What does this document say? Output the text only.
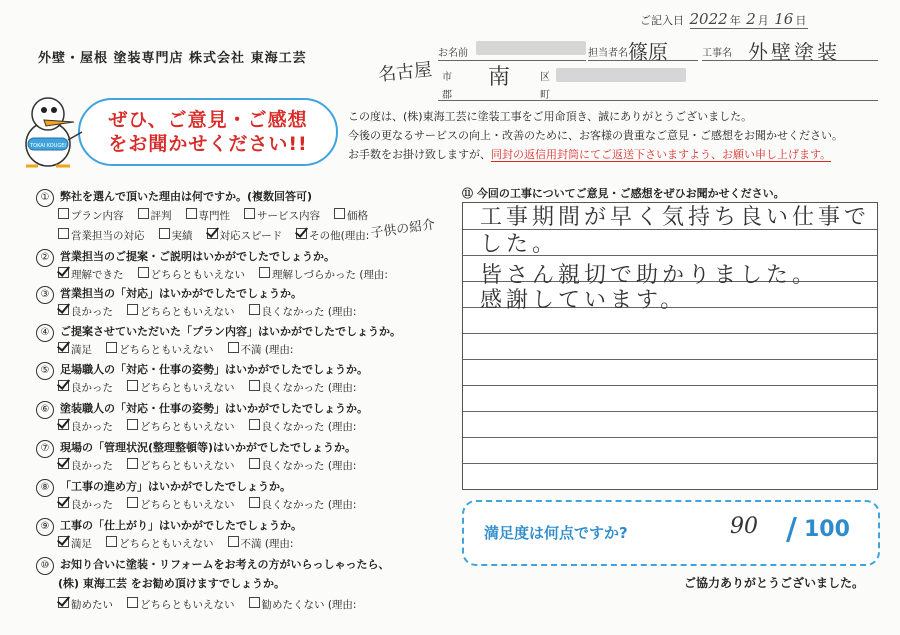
ご記入日 2022 年 2 月 16 日
外壁・屋根 塗装専門店 株式会社 東海工芸	お名前	担当者名 篠原	工事名 外壁塗装
名古屋 市
郡
南	区
町
ぜひ、ご意見・ご感想
をお聞かせください!!
TOKAI KOUGEI
この度は、(株)東海工芸に塗装工事をご用命頂き、誠にありがとうございました。
今後の更なるサービスの向上・改善のために、お客様の貴重なご意見・ご感想をお聞かせください。
お手数をお掛け致しますが、同封の返信用封筒にてご返送下さいますよう、お願い申し上げます。
① 弊社を選んで頂いた理由は何ですか。(複数回答可)
プラン内容	評判	専門性	サービス内容	価格
営業担当の対応	実績	対応スピード	その他(理由: 子供の紹介
② 営業担当のご提案・ご説明はいかがでしたでしょうか。
理解できた	どちらともいえない	理解しづらかった (理由:
③ 営業担当の「対応」はいかがでしたでしょうか。
良かった	どちらともいえない	良くなかった (理由:
④ ご提案させていただいた「プラン内容」はいかがでしたでしょうか。
満足	どちらともいえない	不満 (理由:
⑤ 足場職人の「対応・仕事の姿勢」はいかがでしたでしょうか。
良かった	どちらともいえない	良くなかった (理由:
⑥ 塗装職人の「対応・仕事の姿勢」はいかがでしたでしょうか。
良かった	どちらともいえない	良くなかった (理由:
⑦ 現場の「管理状況(整理整頓等)はいかがでしたでしょうか。
良かった	どちらともいえない	良くなかった (理由:
⑧ 「工事の進め方」はいかがでしたでしょうか。
良かった	どちらともいえない	良くなかった (理由:
⑨ 工事の「仕上がり」はいかがでしたでしょうか。
満足	どちらともいえない	不満 (理由:
⑩ お知り合いに塗装・リフォームをお考えの方がいらっしゃったら、
(株) 東海工芸 をお勧め頂けますでしょうか。
勧めたい	どちらともいえない	勧めたくない (理由:
⑪ 今回の工事についてご意見・ご感想をぜひお聞かせください。
工事期間が早く気持ち良い仕事でした。
皆さん親切で助かりました。
感謝しています。
満足度は何点ですか?	90 / 100
ご協力ありがとうございました。
